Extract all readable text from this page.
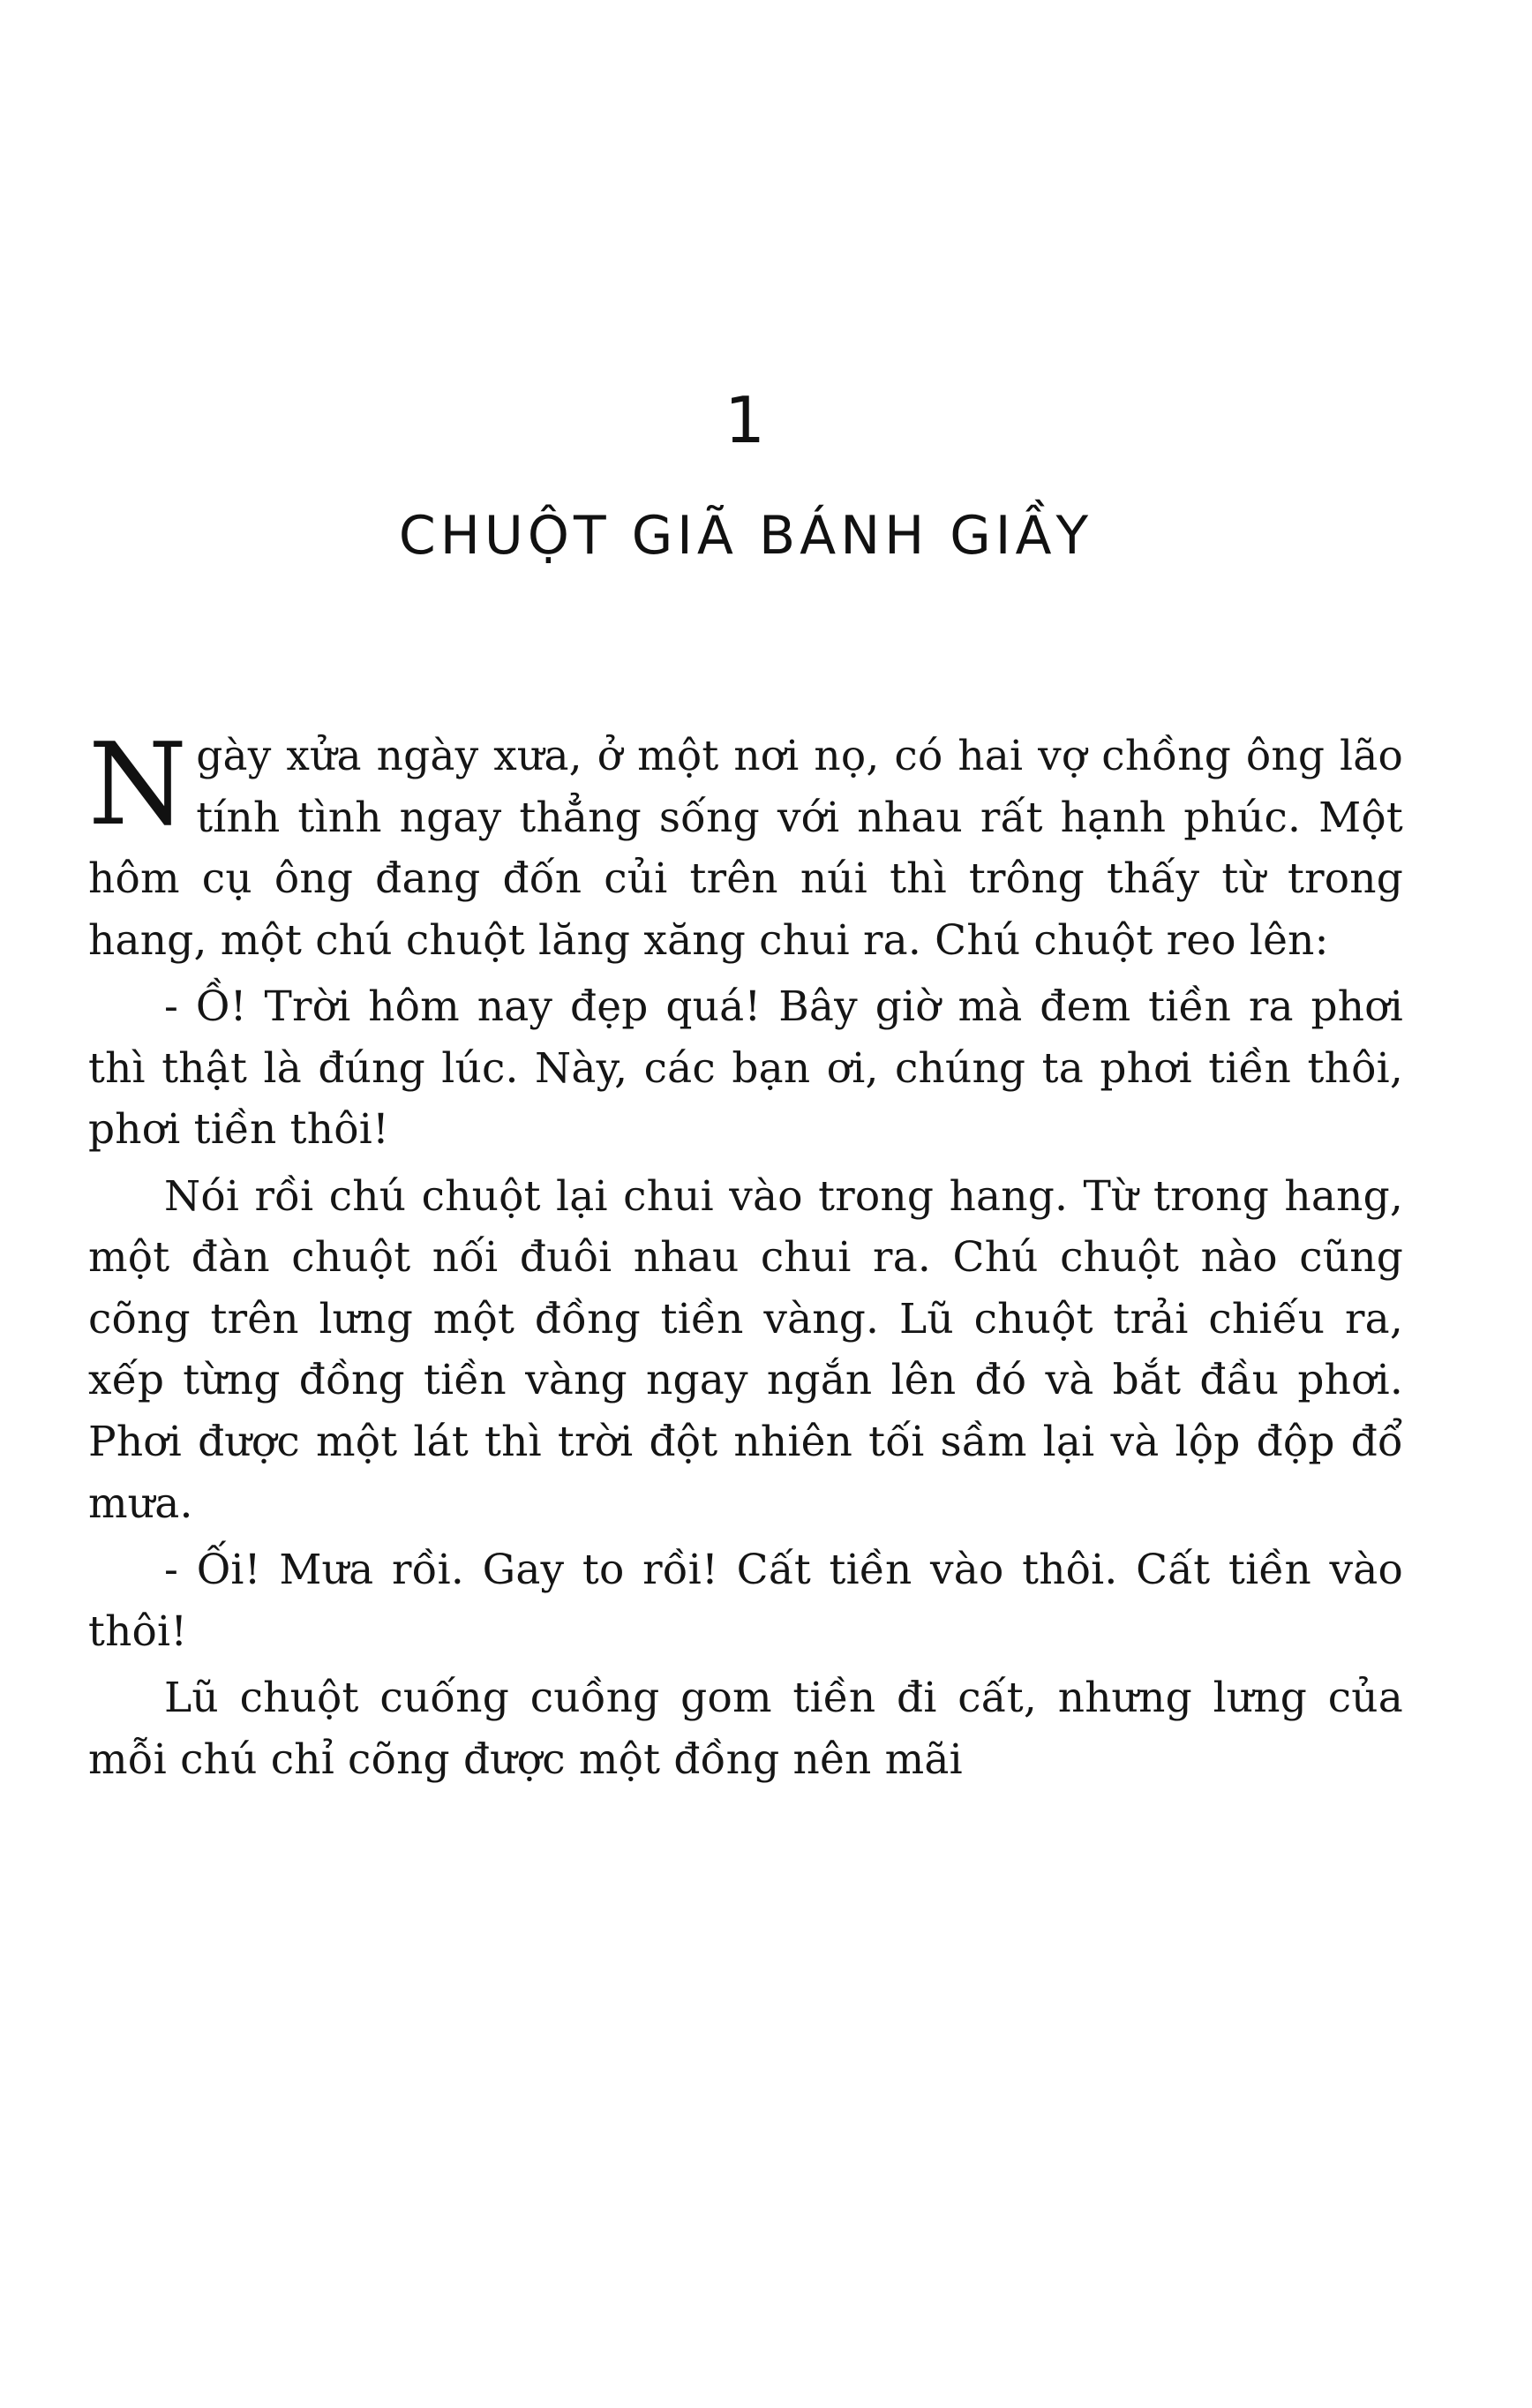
1
CHUỘT GIÃ BÁNH GIẦY

Ngày xửa ngày xưa, ở một nơi nọ, có hai vợ chồng ông lão tính tình ngay thẳng sống với nhau rất hạnh phúc. Một hôm cụ ông đang đốn củi trên núi thì trông thấy từ trong hang, một chú chuột lăng xăng chui ra. Chú chuột reo lên:

- Ồ! Trời hôm nay đẹp quá! Bây giờ mà đem tiền ra phơi thì thật là đúng lúc. Này, các bạn ơi, chúng ta phơi tiền thôi, phơi tiền thôi!

Nói rồi chú chuột lại chui vào trong hang. Từ trong hang, một đàn chuột nối đuôi nhau chui ra. Chú chuột nào cũng cõng trên lưng một đồng tiền vàng. Lũ chuột trải chiếu ra, xếp từng đồng tiền vàng ngay ngắn lên đó và bắt đầu phơi. Phơi được một lát thì trời đột nhiên tối sầm lại và lộp độp đổ mưa.

- Ối! Mưa rồi. Gay to rồi! Cất tiền vào thôi. Cất tiền vào thôi!

Lũ chuột cuống cuồng gom tiền đi cất, nhưng lưng của mỗi chú chỉ cõng được một đồng nên mãi
